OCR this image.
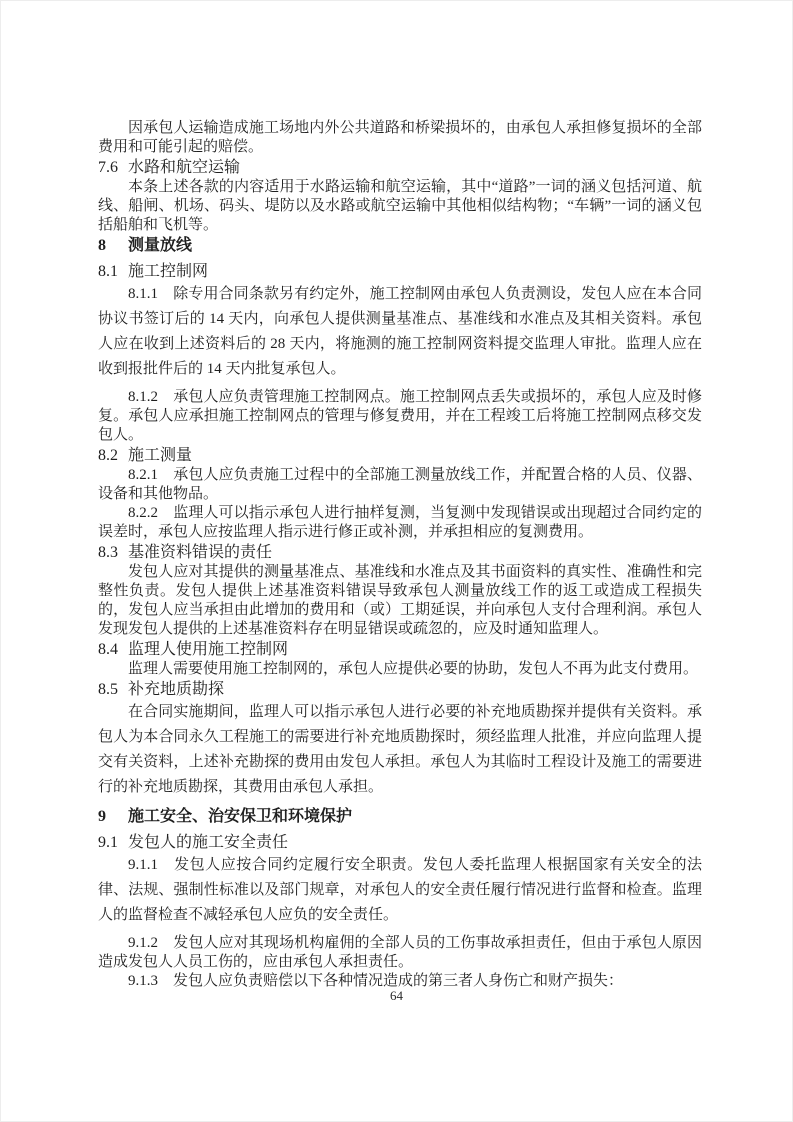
因承包人运输造成施工场地内外公共道路和桥梁损坏的，由承包人承担修复损坏的全部费用和可能引起的赔偿。

7.6 水路和航空运输

本条上述各款的内容适用于水路运输和航空运输，其中“道路”一词的涵义包括河道、航线、船闸、机场、码头、堤防以及水路或航空运输中其他相似结构物；“车辆”一词的涵义包括船舶和飞机等。

8 测量放线

8.1 施工控制网

8.1.1　除专用合同条款另有约定外，施工控制网由承包人负责测设，发包人应在本合同协议书签订后的 14 天内，向承包人提供测量基准点、基准线和水准点及其相关资料。承包人应在收到上述资料后的 28 天内，将施测的施工控制网资料提交监理人审批。监理人应在收到报批件后的 14 天内批复承包人。

8.1.2　承包人应负责管理施工控制网点。施工控制网点丢失或损坏的，承包人应及时修复。承包人应承担施工控制网点的管理与修复费用，并在工程竣工后将施工控制网点移交发包人。

8.2 施工测量

8.2.1　承包人应负责施工过程中的全部施工测量放线工作，并配置合格的人员、仪器、设备和其他物品。

8.2.2　监理人可以指示承包人进行抽样复测，当复测中发现错误或出现超过合同约定的误差时，承包人应按监理人指示进行修正或补测，并承担相应的复测费用。

8.3 基准资料错误的责任

发包人应对其提供的测量基准点、基准线和水准点及其书面资料的真实性、准确性和完整性负责。发包人提供上述基准资料错误导致承包人测量放线工作的返工或造成工程损失的，发包人应当承担由此增加的费用和（或）工期延误，并向承包人支付合理利润。承包人发现发包人提供的上述基准资料存在明显错误或疏忽的，应及时通知监理人。

8.4 监理人使用施工控制网

监理人需要使用施工控制网的，承包人应提供必要的协助，发包人不再为此支付费用。

8.5 补充地质勘探

在合同实施期间，监理人可以指示承包人进行必要的补充地质勘探并提供有关资料。承包人为本合同永久工程施工的需要进行补充地质勘探时，须经监理人批准，并应向监理人提交有关资料，上述补充勘探的费用由发包人承担。承包人为其临时工程设计及施工的需要进行的补充地质勘探，其费用由承包人承担。

9 施工安全、治安保卫和环境保护

9.1 发包人的施工安全责任

9.1.1　发包人应按合同约定履行安全职责。发包人委托监理人根据国家有关安全的法律、法规、强制性标准以及部门规章，对承包人的安全责任履行情况进行监督和检查。监理人的监督检查不减轻承包人应负的安全责任。

9.1.2　发包人应对其现场机构雇佣的全部人员的工伤事故承担责任，但由于承包人原因造成发包人人员工伤的，应由承包人承担责任。

9.1.3　发包人应负责赔偿以下各种情况造成的第三者人身伤亡和财产损失：

64
